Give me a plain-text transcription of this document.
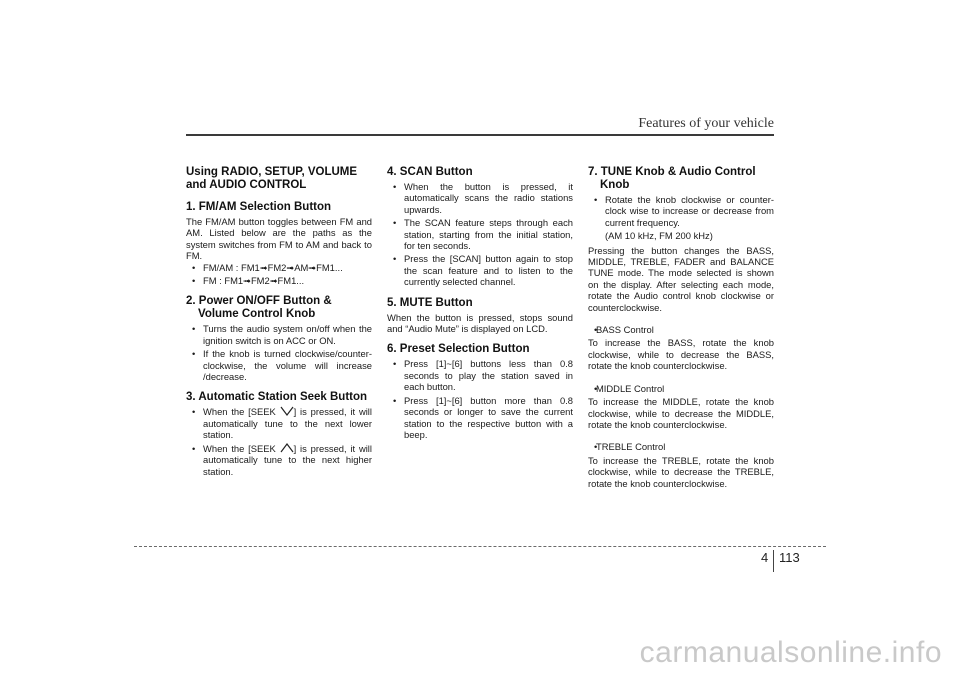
Features of your vehicle
Using RADIO, SETUP, VOLUME and AUDIO CONTROL
1. FM/AM Selection Button

The FM/AM button toggles between FM and AM. Listed below are the paths as the system switches from FM to AM and back to FM.

• FM/AM : FM1➟FM2➟AM➟FM1...
• FM : FM1➟FM2➟FM1...
2. Power ON/OFF Button & Volume Control Knob
• Turns the audio system on/off when the ignition switch is on ACC or ON.
• If the knob is turned clockwise/counter-clockwise, the volume will increase /decrease.
3. Automatic Station Seek Button
• When the [SEEK ] is pressed, it will automatically tune to the next lower station.
• When the [SEEK ] is pressed, it will automatically tune to the next higher station.
4. SCAN Button
• When the button is pressed, it automatically scans the radio stations upwards.
• The SCAN feature steps through each station, starting from the initial station, for ten seconds.
• Press the [SCAN] button again to stop the scan feature and to listen to the currently selected channel.
5. MUTE Button

When the button is pressed, stops sound and “Audio Mute” is displayed on LCD.

6. Preset Selection Button
• Press [1]~[6] buttons less than 0.8 seconds to play the station saved in each button.
• Press [1]~[6] button more than 0.8 seconds or longer to save the current station to the respective button with a beep.
7. TUNE Knob & Audio Control Knob
• Rotate the knob clockwise or counter-clock wise to increase or decrease from current frequency.
(AM 10 kHz, FM 200 kHz)

Pressing the button changes the BASS, MIDDLE, TREBLE, FADER and BALANCE TUNE mode. The mode selected is shown on the display. After selecting each mode, rotate the Audio control knob clockwise or counterclockwise.

• BASS Control

To increase the BASS, rotate the knob clockwise, while to decrease the BASS, rotate the knob counterclockwise.

• MIDDLE Control

To increase the MIDDLE, rotate the knob clockwise, while to decrease the MIDDLE, rotate the knob counterclockwise.

• TREBLE Control

To increase the TREBLE, rotate the knob clockwise, while to decrease the TREBLE, rotate the knob counterclockwise.

4 113
carmanualsonline.info
